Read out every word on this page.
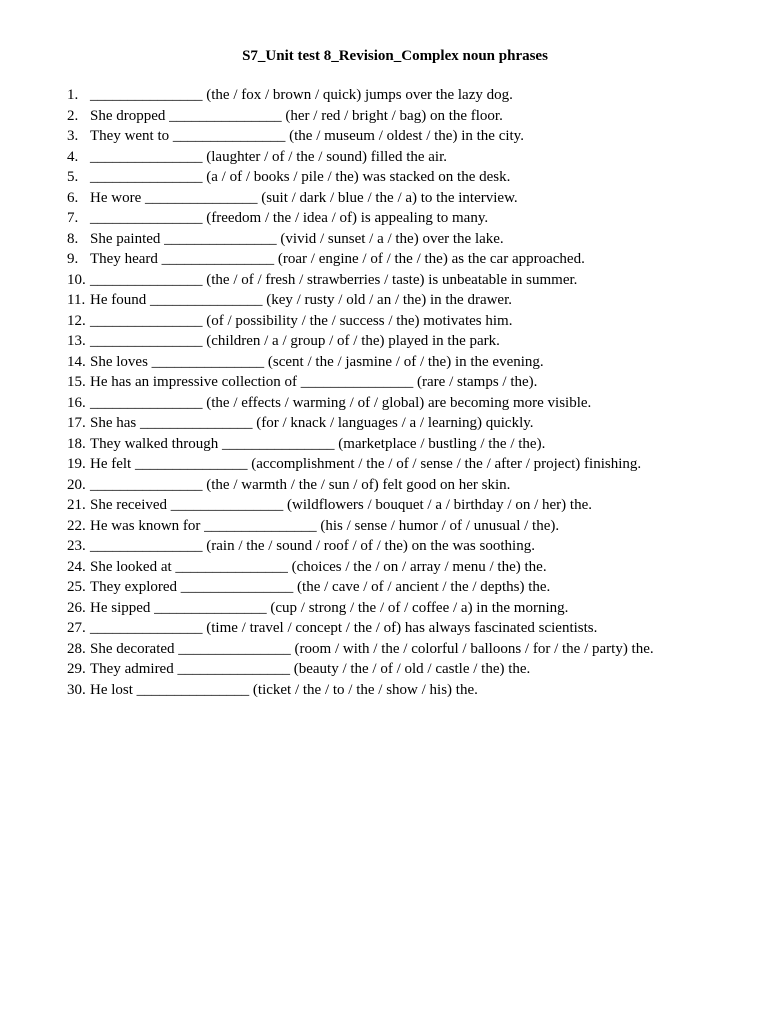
S7_Unit test 8_Revision_Complex noun phrases
1. _______________ (the / fox / brown / quick) jumps over the lazy dog.
2. She dropped _______________ (her / red / bright / bag) on the floor.
3. They went to _______________ (the / museum / oldest / the) in the city.
4. _______________ (laughter / of / the / sound) filled the air.
5. _______________ (a / of / books / pile / the) was stacked on the desk.
6. He wore _______________ (suit / dark / blue / the / a) to the interview.
7. _______________ (freedom / the / idea / of) is appealing to many.
8. She painted _______________ (vivid / sunset / a / the) over the lake.
9. They heard _______________ (roar / engine / of / the / the) as the car approached.
10. _______________ (the / of / fresh / strawberries / taste) is unbeatable in summer.
11. He found _______________ (key / rusty / old / an / the) in the drawer.
12. _______________ (of / possibility / the / success / the) motivates him.
13. _______________ (children / a / group / of / the) played in the park.
14. She loves _______________ (scent / the / jasmine / of / the) in the evening.
15. He has an impressive collection of _______________ (rare / stamps / the).
16. _______________ (the / effects / warming / of / global) are becoming more visible.
17. She has _______________ (for / knack / languages / a / learning) quickly.
18. They walked through _______________ (marketplace / bustling / the / the).
19. He felt _______________ (accomplishment / the / of / sense / the / after / project) finishing.
20. _______________ (the / warmth / the / sun / of) felt good on her skin.
21. She received _______________ (wildflowers / bouquet / a / birthday / on / her) the.
22. He was known for _______________ (his / sense / humor / of / unusual / the).
23. _______________ (rain / the / sound / roof / of / the) on the was soothing.
24. She looked at _______________ (choices / the / on / array / menu / the) the.
25. They explored _______________ (the / cave / of / ancient / the / depths) the.
26. He sipped _______________ (cup / strong / the / of / coffee / a) in the morning.
27. _______________ (time / travel / concept / the / of) has always fascinated scientists.
28. She decorated _______________ (room / with / the / colorful / balloons / for / the / party) the.
29. They admired _______________ (beauty / the / of / old / castle / the) the.
30. He lost _______________ (ticket / the / to / the / show / his) the.
